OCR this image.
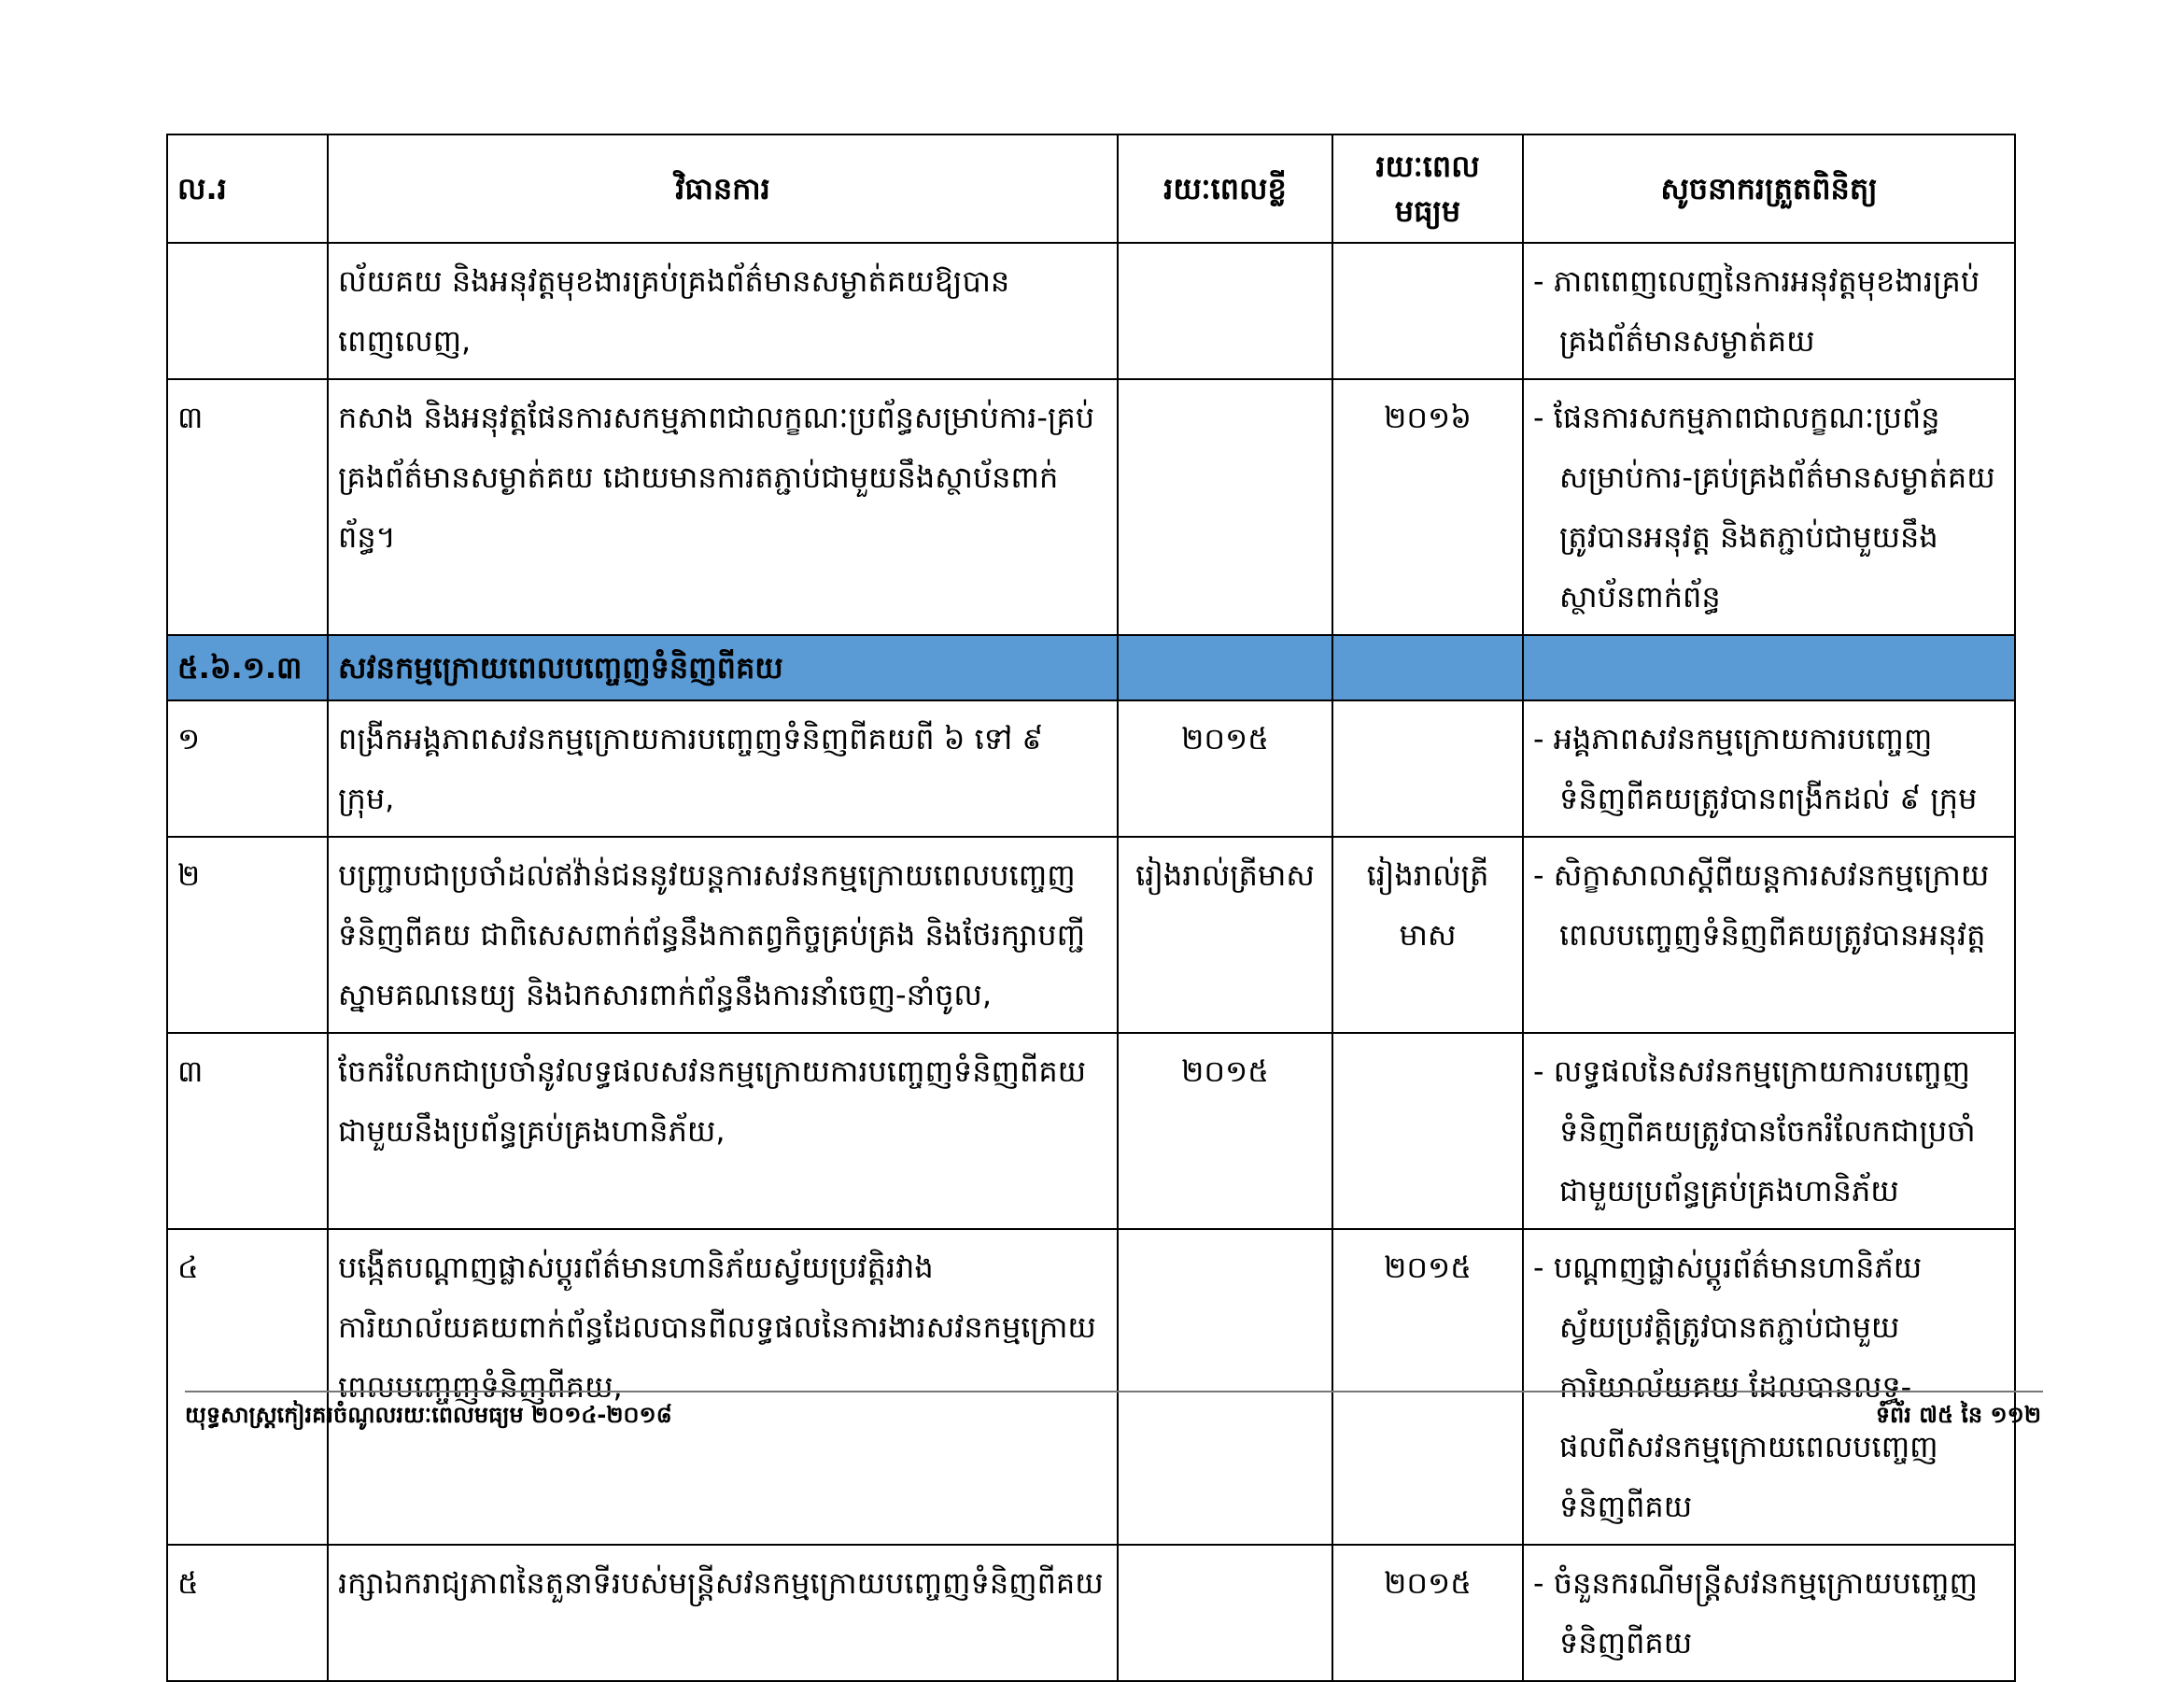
ល.រ	វិធានការ	រយៈពេលខ្លី	រយៈពេល មធ្យម	សូចនាករត្រួតពិនិត្យ
	ល័យគយ និងអនុវត្តមុខងារគ្រប់គ្រងព័ត៌មានសម្ងាត់គយឱ្យបានពេញលេញ,			- ភាពពេញលេញនៃការអនុវត្តមុខងារគ្រប់គ្រងព័ត៌មានសម្ងាត់គយ

៣	កសាង និងអនុវត្តផែនការសកម្មភាពជាលក្ខណៈប្រព័ន្ធសម្រាប់ការ-គ្រប់គ្រងព័ត៌មានសម្ងាត់គយ ដោយមានការតភ្ជាប់ជាមួយនឹងស្ថាប័នពាក់ព័ន្ធ។		២០១៦	- ផែនការសកម្មភាពជាលក្ខណៈប្រព័ន្ធ សម្រាប់ការ-គ្រប់គ្រងព័ត៌មានសម្ងាត់គយត្រូវបានអនុវត្ត និងតភ្ជាប់ជាមួយនឹងស្ថាប័នពាក់ព័ន្ធ

៥.៦.១.៣	សវនកម្មក្រោយពេលបញ្ចេញទំនិញពីគយ			
១	ពង្រីកអង្គភាពសវនកម្មក្រោយការបញ្ចេញទំនិញពីគយពី ៦ ទៅ ៩ ក្រុម,	២០១៥		- អង្គភាពសវនកម្មក្រោយការបញ្ចេញទំនិញពីគយត្រូវបានពង្រីកដល់ ៩ ក្រុម

២	បញ្ជ្រាបជាប្រចាំដល់ឥវ៉ាន់ជននូវយន្តការសវនកម្មក្រោយពេលបញ្ចេញទំនិញពីគយ ជាពិសេសពាក់ព័ន្ធនឹងកាតព្វកិច្ចគ្រប់គ្រង និងថែរក្សាបញ្ជីស្នាមគណនេយ្យ និងឯកសារពាក់ព័ន្ធនឹងការនាំចេញ-នាំចូល,	រៀងរាល់ត្រីមាស	រៀងរាល់ត្រីមាស	- សិក្ខាសាលាស្តីពីយន្តការសវនកម្មក្រោយពេលបញ្ចេញទំនិញពីគយត្រូវបានអនុវត្ត

៣	ចែករំលែកជាប្រចាំនូវលទ្ធផលសវនកម្មក្រោយការបញ្ចេញទំនិញពីគយជាមួយនឹងប្រព័ន្ធគ្រប់គ្រងហានិភ័យ,	២០១៥		- លទ្ធផលនៃសវនកម្មក្រោយការបញ្ចេញទំនិញពីគយត្រូវបានចែករំលែកជាប្រចាំជាមួយប្រព័ន្ធគ្រប់គ្រងហានិភ័យ

៤	បង្កើតបណ្តាញផ្លាស់ប្តូរព័ត៌មានហានិភ័យស្វ័យប្រវត្តិរវាងការិយាល័យគយពាក់ព័ន្ធដែលបានពីលទ្ធផលនៃការងារសវនកម្មក្រោយពេលបញ្ចេញទំនិញពីគយ,		២០១៥	- បណ្តាញផ្លាស់ប្តូរព័ត៌មានហានិភ័យស្វ័យប្រវត្តិត្រូវបានតភ្ជាប់ជាមួយការិយាល័យគយ ដែលបានលទ្ធ-ផលពីសវនកម្មក្រោយពេលបញ្ចេញទំនិញពីគយ

៥	រក្សាឯករាជ្យភាពនៃតួនាទីរបស់មន្ត្រីសវនកម្មក្រោយបញ្ចេញទំនិញពីគយ		២០១៥	- ចំនួនករណីមន្ត្រីសវនកម្មក្រោយបញ្ចេញទំនិញពីគយ
យុទ្ធសាស្ត្រកៀរគរចំណូលរយៈពេលមធ្យម ២០១៤-២០១៨	ទំព័រ ៧៥ នៃ ១១២
